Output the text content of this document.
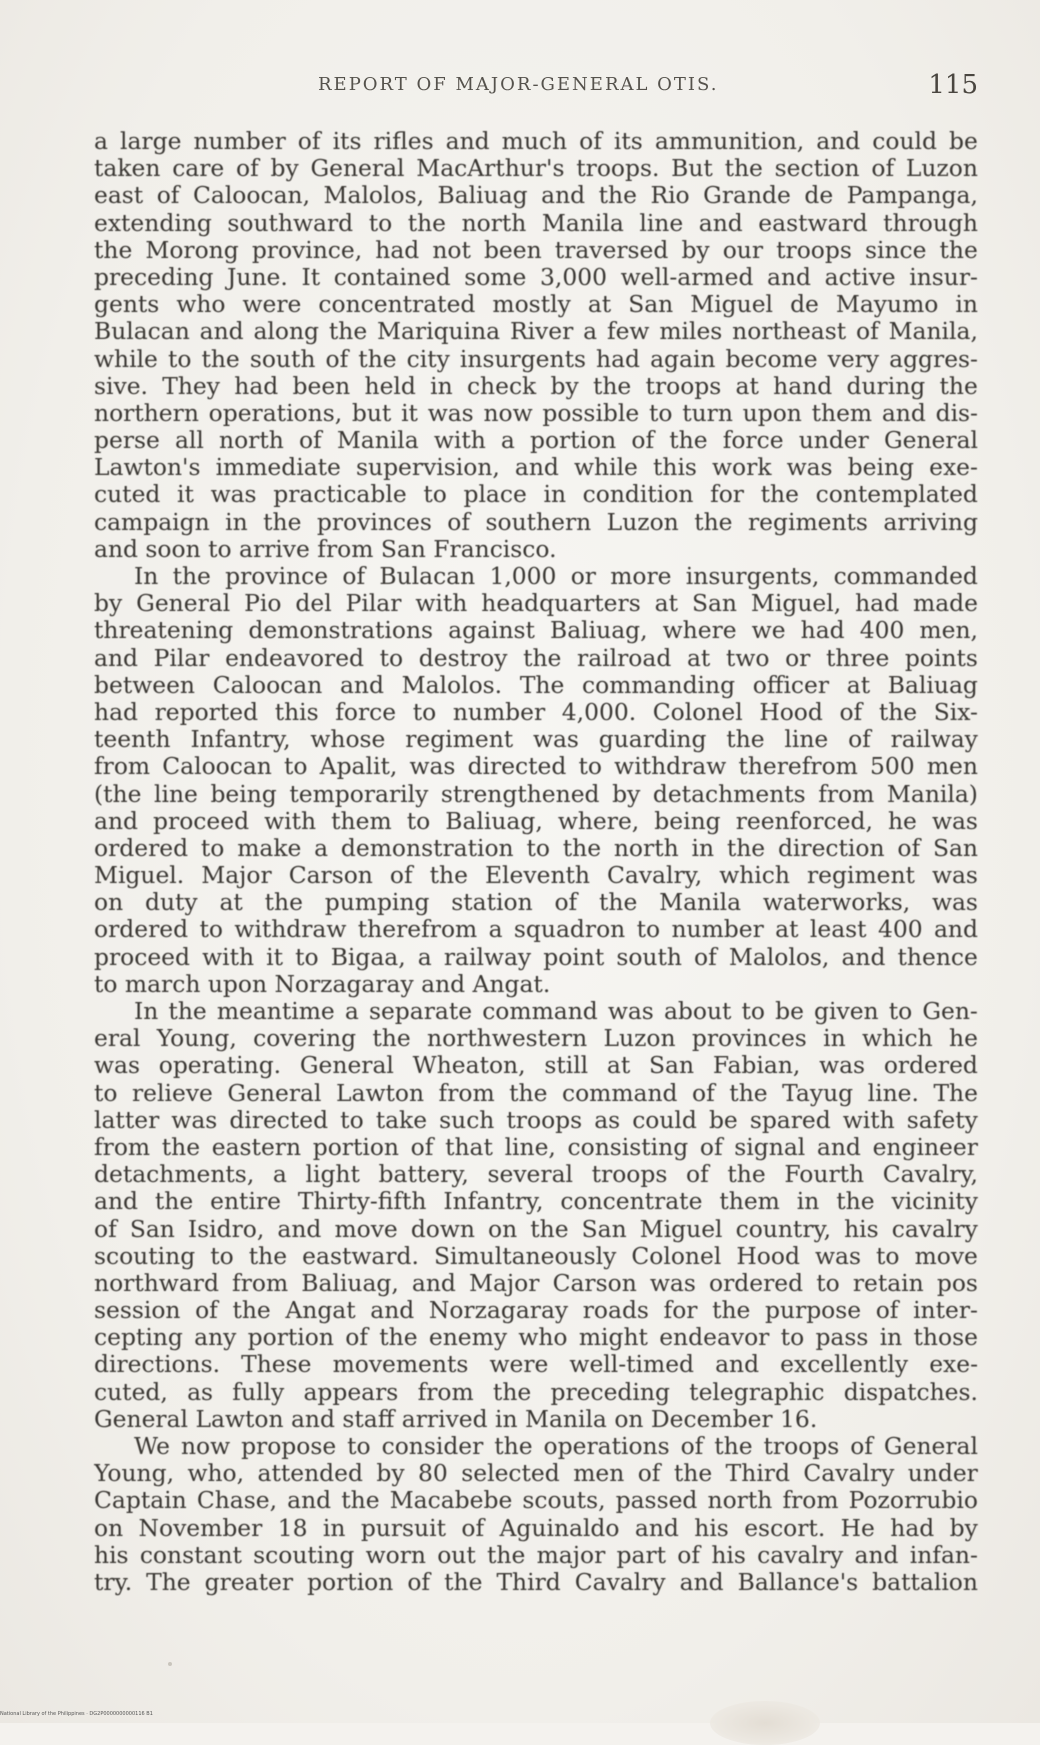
REPORT OF MAJOR-GENERAL OTIS.	115
a large number of its rifles and much of its ammunition, and could be
taken care of by General MacArthur's troops. But the section of Luzon
east of Caloocan, Malolos, Baliuag and the Rio Grande de Pampanga,
extending southward to the north Manila line and eastward through
the Morong province, had not been traversed by our troops since the
preceding June. It contained some 3,000 well-armed and active insur-
gents who were concentrated mostly at San Miguel de Mayumo in
Bulacan and along the Mariquina River a few miles northeast of Manila,
while to the south of the city insurgents had again become very aggres-
sive. They had been held in check by the troops at hand during the
northern operations, but it was now possible to turn upon them and dis-
perse all north of Manila with a portion of the force under General
Lawton's immediate supervision, and while this work was being exe-
cuted it was practicable to place in condition for the contemplated
campaign in the provinces of southern Luzon the regiments arriving
and soon to arrive from San Francisco.
In the province of Bulacan 1,000 or more insurgents, commanded
by General Pio del Pilar with headquarters at San Miguel, had made
threatening demonstrations against Baliuag, where we had 400 men,
and Pilar endeavored to destroy the railroad at two or three points
between Caloocan and Malolos. The commanding officer at Baliuag
had reported this force to number 4,000. Colonel Hood of the Six-
teenth Infantry, whose regiment was guarding the line of railway
from Caloocan to Apalit, was directed to withdraw therefrom 500 men
(the line being temporarily strengthened by detachments from Manila)
and proceed with them to Baliuag, where, being reenforced, he was
ordered to make a demonstration to the north in the direction of San
Miguel. Major Carson of the Eleventh Cavalry, which regiment was
on duty at the pumping station of the Manila waterworks, was
ordered to withdraw therefrom a squadron to number at least 400 and
proceed with it to Bigaa, a railway point south of Malolos, and thence
to march upon Norzagaray and Angat.
In the meantime a separate command was about to be given to Gen-
eral Young, covering the northwestern Luzon provinces in which he
was operating. General Wheaton, still at San Fabian, was ordered
to relieve General Lawton from the command of the Tayug line. The
latter was directed to take such troops as could be spared with safety
from the eastern portion of that line, consisting of signal and engineer
detachments, a light battery, several troops of the Fourth Cavalry,
and the entire Thirty-fifth Infantry, concentrate them in the vicinity
of San Isidro, and move down on the San Miguel country, his cavalry
scouting to the eastward. Simultaneously Colonel Hood was to move
northward from Baliuag, and Major Carson was ordered to retain pos
session of the Angat and Norzagaray roads for the purpose of inter-
cepting any portion of the enemy who might endeavor to pass in those
directions. These movements were well-timed and excellently exe-
cuted, as fully appears from the preceding telegraphic dispatches.
General Lawton and staff arrived in Manila on December 16.
We now propose to consider the operations of the troops of General
Young, who, attended by 80 selected men of the Third Cavalry under
Captain Chase, and the Macabebe scouts, passed north from Pozorrubio
on November 18 in pursuit of Aguinaldo and his escort. He had by
his constant scouting worn out the major part of his cavalry and infan-
try. The greater portion of the Third Cavalry and Ballance's battalion
National Library of the Philippines · DG2P0000000000116 B1
